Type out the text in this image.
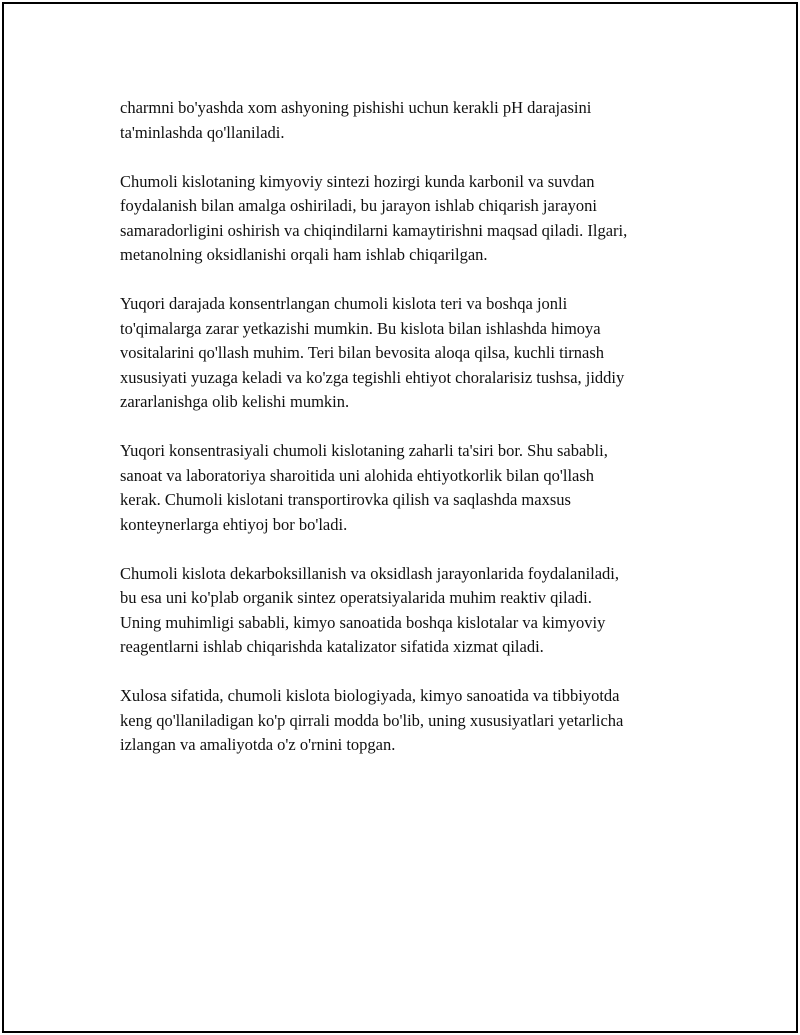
charmni bo'yashda xom ashyoning pishishi uchun kerakli pH darajasini
ta'minlashda qo'llaniladi.

Chumoli kislotaning kimyoviy sintezi hozirgi kunda karbonil va suvdan
foydalanish bilan amalga oshiriladi, bu jarayon ishlab chiqarish jarayoni
samaradorligini oshirish va chiqindilarni kamaytirishni maqsad qiladi. Ilgari,
metanolning oksidlanishi orqali ham ishlab chiqarilgan.

Yuqori darajada konsentrlangan chumoli kislota teri va boshqa jonli
to'qimalarga zarar yetkazishi mumkin. Bu kislota bilan ishlashda himoya
vositalarini qo'llash muhim. Teri bilan bevosita aloqa qilsa, kuchli tirnash
xususiyati yuzaga keladi va ko'zga tegishli ehtiyot choralarisiz tushsa, jiddiy
zararlanishga olib kelishi mumkin.

Yuqori konsentrasiyali chumoli kislotaning zaharli ta'siri bor. Shu sababli,
sanoat va laboratoriya sharoitida uni alohida ehtiyotkorlik bilan qo'llash
kerak. Chumoli kislotani transportirovka qilish va saqlashda maxsus
konteynerlarga ehtiyoj bor bo'ladi.

Chumoli kislota dekarboksillanish va oksidlash jarayonlarida foydalaniladi,
bu esa uni ko'plab organik sintez operatsiyalarida muhim reaktiv qiladi.
Uning muhimligi sababli, kimyo sanoatida boshqa kislotalar va kimyoviy
reagentlarni ishlab chiqarishda katalizator sifatida xizmat qiladi.

Xulosa sifatida, chumoli kislota biologiyada, kimyo sanoatida va tibbiyotda
keng qo'llaniladigan ko'p qirrali modda bo'lib, uning xususiyatlari yetarlicha
izlangan va amaliyotda o'z o'rnini topgan.
